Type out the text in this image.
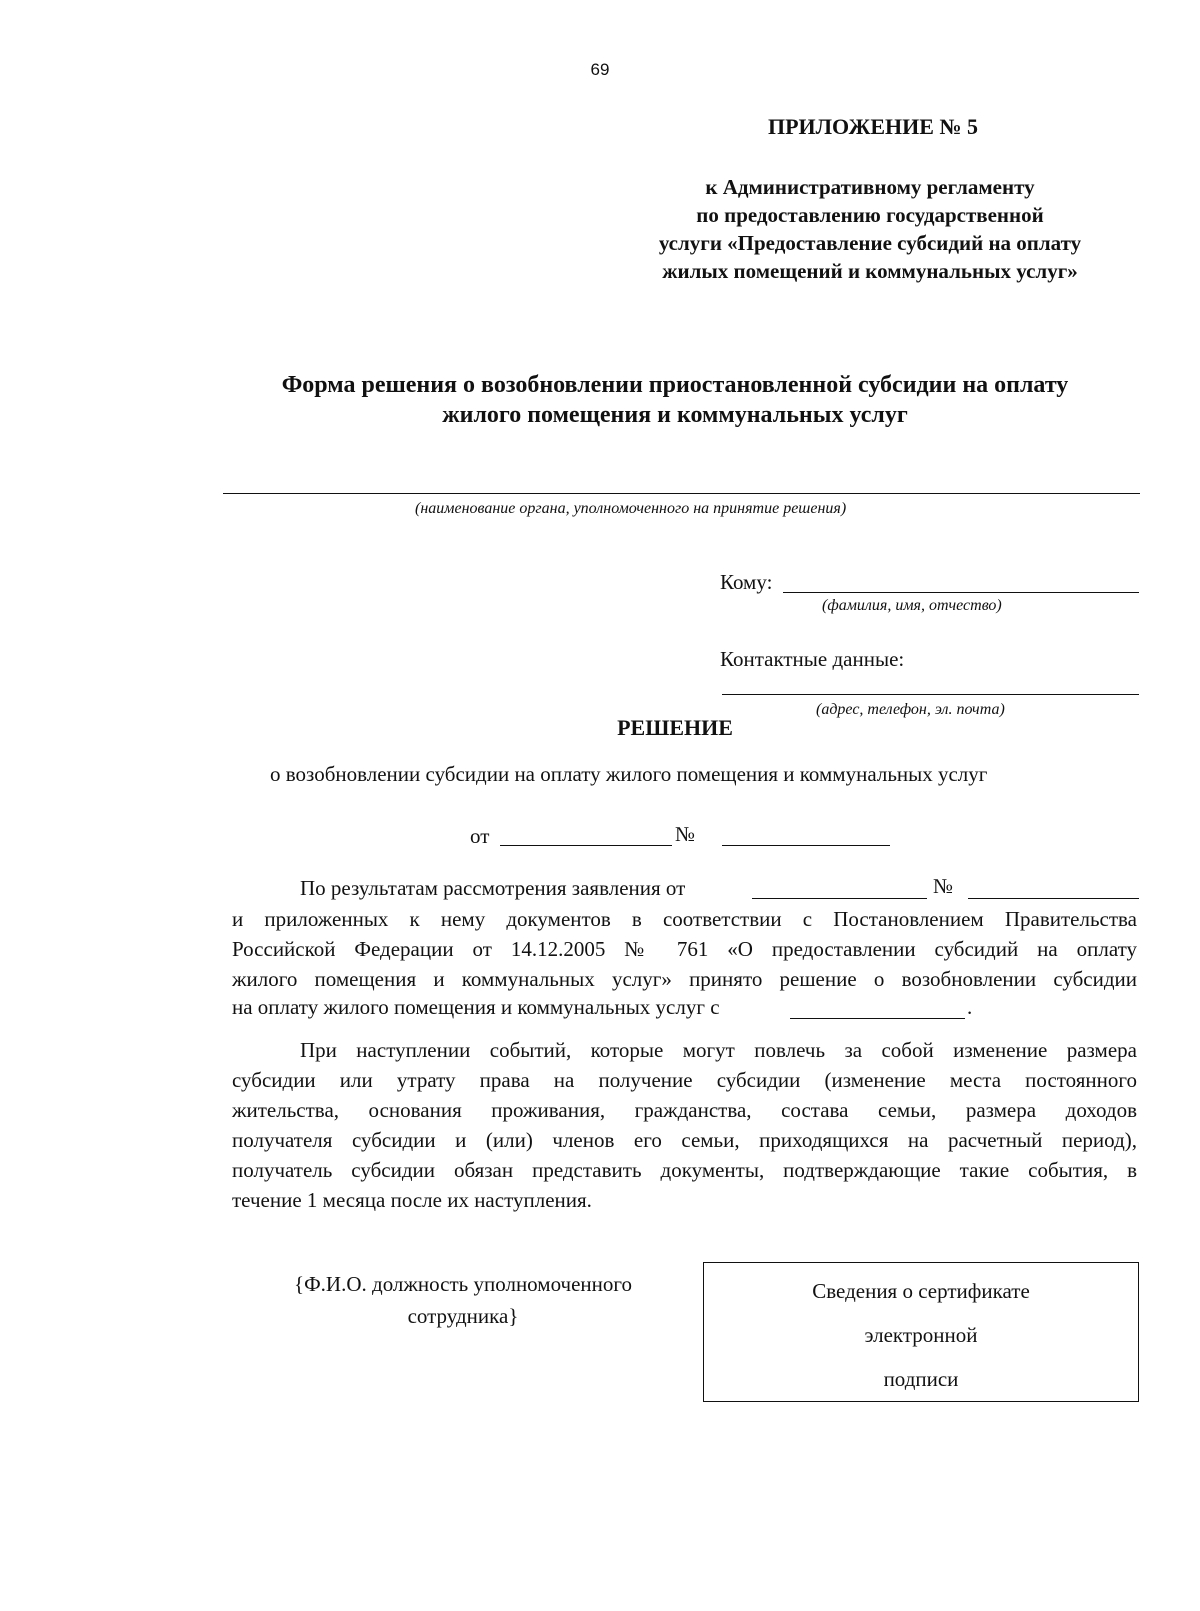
69
ПРИЛОЖЕНИЕ № 5
к Административному регламенту
по предоставлению государственной
услуги «Предоставление субсидий на оплату
жилых помещений и коммунальных услуг»
Форма решения о возобновлении приостановленной субсидии на оплату
жилого помещения и коммунальных услуг
(наименование органа, уполномоченного на принятие решения)
Кому:
(фамилия, имя, отчество)
Контактные данные:
(адрес, телефон, эл. почта)
РЕШЕНИЕ
о возобновлении субсидии на оплату жилого помещения и коммунальных услуг
от	№
По результатам рассмотрения заявления от	№
и приложенных к нему документов в соответствии с Постановлением Правительства
Российской Федерации от 14.12.2005 № 761 «О предоставлении субсидий на оплату
жилого помещения и коммунальных услуг» принято решение о возобновлении субсидии
на оплату жилого помещения и коммунальных услуг с	.
При наступлении событий, которые могут повлечь за собой изменение размера
субсидии или утрату права на получение субсидии (изменение места постоянного
жительства, основания проживания, гражданства, состава семьи, размера доходов
получателя субсидии и (или) членов его семьи, приходящихся на расчетный период),
получатель субсидии обязан представить документы, подтверждающие такие события, в
течение 1 месяца после их наступления.
{Ф.И.О. должность уполномоченного
сотрудника}
Сведения о сертификате
электронной
подписи
